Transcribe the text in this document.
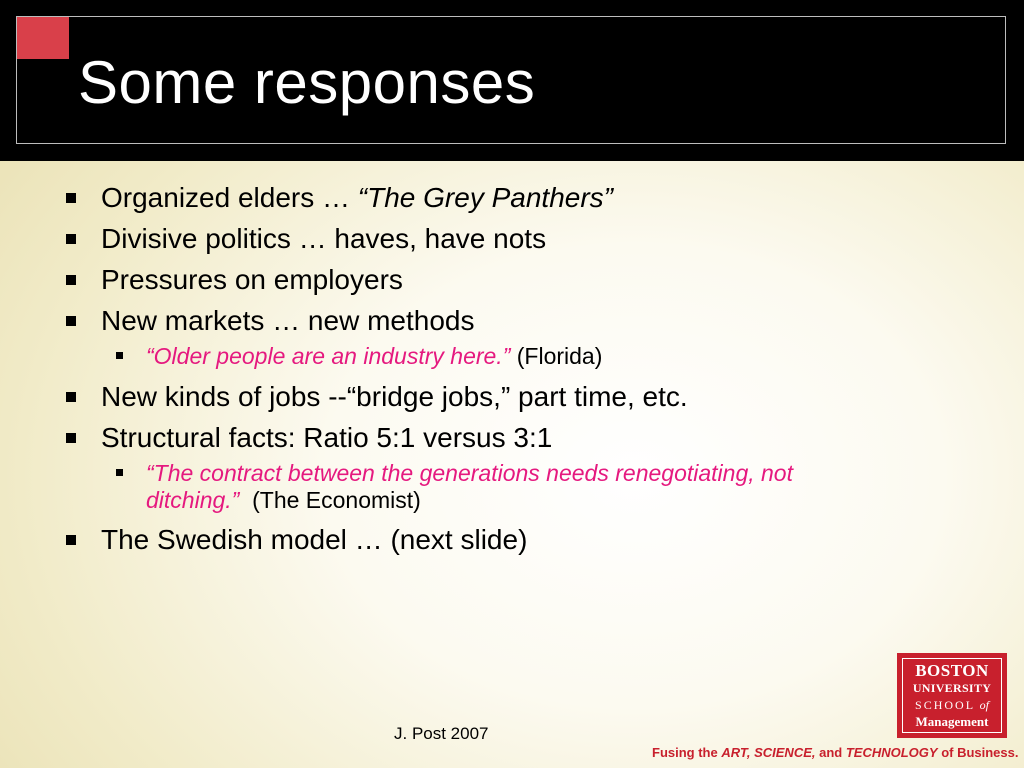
Some responses
Organized elders … “The Grey Panthers”
Divisive politics … haves, have nots
Pressures on employers
New markets … new methods
“Older people are an industry here.” (Florida)
New kinds of jobs --“bridge jobs,” part time, etc.
Structural facts: Ratio 5:1 versus 3:1
“The contract between the generations needs renegotiating, not
ditching.” (The Economist)
The Swedish model … (next slide)
BOSTON
UNIVERSITY
SCHOOL of
Management
J. Post 2007
Fusing the ART, SCIENCE, and TECHNOLOGY of Business.
